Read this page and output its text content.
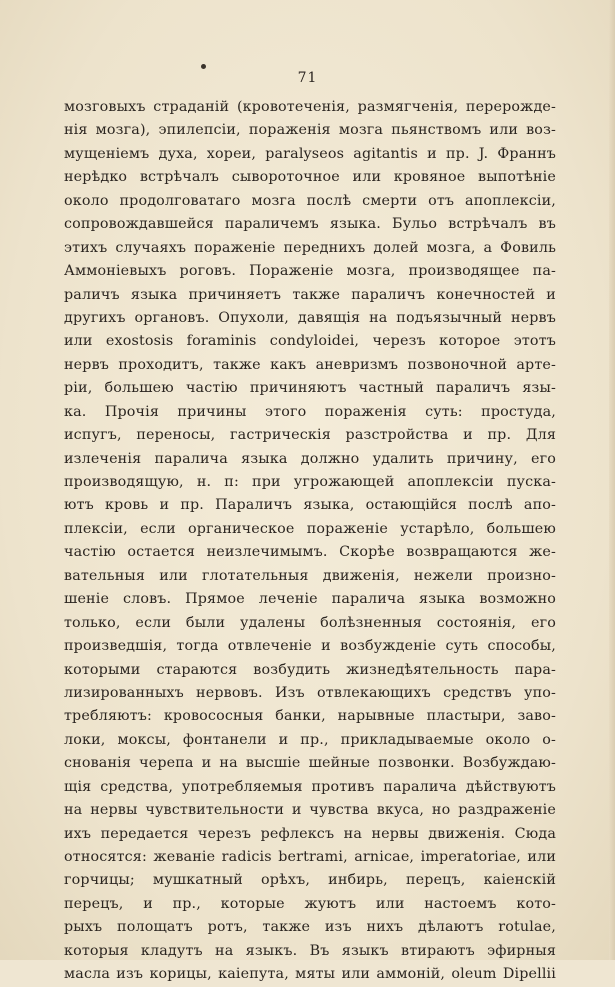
71
мозговыхъ страданій (кровотеченія, размягченія, перерожде-
нія мозга), эпилепсіи, пораженія мозга пьянствомъ или воз-
мущеніемъ духа, хореи, paralyseos agitantis и пр. J. Франнъ
нерѣдко встрѣчалъ сывороточное или кровяное выпотѣніе
около продолговатаго мозга послѣ смерти отъ апоплексіи,
сопровождавшейся параличемъ языка. Бульо встрѣчалъ въ
этихъ случаяхъ пораженіе переднихъ долей мозга, а Фовиль
Аммоніевыхъ роговъ. Пораженіе мозга, производящее па-
раличъ языка причиняетъ также параличъ конечностей и
другихъ органовъ. Опухоли, давящія на подъязычный нервъ
или exostosis foraminis condyloidei, черезъ которое этотъ
нервъ проходитъ, также какъ аневризмъ позвоночной арте-
ріи, большею частію причиняютъ частный параличъ язы-
ка. Прочія причины этого пораженія суть: простуда,
испугъ, переносы, гастрическія разстройства и пр. Для
излеченія паралича языка должно удалить причину, его
производящую, н. п: при угрожающей апоплексіи пуска-
ютъ кровь и пр. Параличъ языка, остающійся послѣ апо-
плексіи, если органическое пораженіе устарѣло, большею
частію остается неизлечимымъ. Скорѣе возвращаются же-
вательныя или глотательныя движенія, нежели произно-
шеніе словъ. Прямое леченіе паралича языка возможно
только, если были удалены болѣзненныя состоянія, его
произведшія, тогда отвлеченіе и возбужденіе суть способы,
которыми стараются возбудить жизнедѣятельность пара-
лизированныхъ нервовъ. Изъ отвлекающихъ средствъ упо-
требляютъ: кровососныя банки, нарывные пластыри, заво-
локи, моксы, фонтанели и пр., прикладываемые около о-
снованія черепа и на высшіе шейные позвонки. Возбуждаю-
щія средства, употребляемыя противъ паралича дѣйствуютъ
на нервы чувствительности и чувства вкуса, но раздраженіе
ихъ передается черезъ рефлексъ на нервы движенія. Сюда
относятся: жеваніе radicis bertrami, arnicae, imperatoriae, или
горчицы; мушкатный орѣхъ, инбирь, перецъ, каіенскій
перецъ, и пр., которые жуютъ или настоемъ кото-
рыхъ полощатъ ротъ, также изъ нихъ дѣлаютъ rotulae,
которыя кладутъ на языкъ. Въ языкъ втираютъ эфирныя
масла изъ корицы, каіепута, мяты или аммоній, oleum Dipellii
